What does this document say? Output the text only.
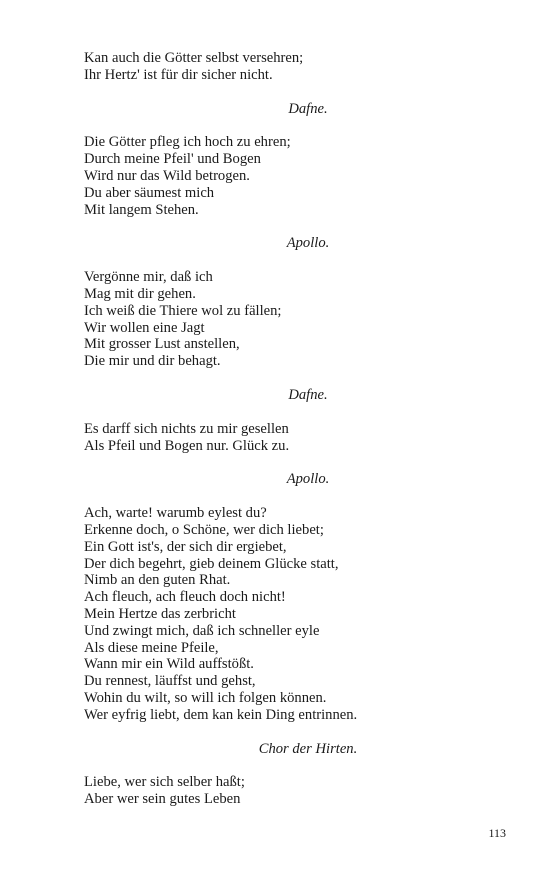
Kan auch die Götter selbst versehren;
Ihr Hertz' ist für dir sicher nicht.
Dafne.
Die Götter pfleg ich hoch zu ehren;
Durch meine Pfeil' und Bogen
Wird nur das Wild betrogen.
Du aber säumest mich
Mit langem Stehen.
Apollo.
Vergönne mir, daß ich
Mag mit dir gehen.
Ich weiß die Thiere wol zu fällen;
Wir wollen eine Jagt
Mit grosser Lust anstellen,
Die mir und dir behagt.
Dafne.
Es darff sich nichts zu mir gesellen
Als Pfeil und Bogen nur. Glück zu.
Apollo.
Ach, warte! warumb eylest du?
Erkenne doch, o Schöne, wer dich liebet;
Ein Gott ist's, der sich dir ergiebet,
Der dich begehrt, gieb deinem Glücke statt,
Nimb an den guten Rhat.
Ach fleuch, ach fleuch doch nicht!
Mein Hertze das zerbricht
Und zwingt mich, daß ich schneller eyle
Als diese meine Pfeile,
Wann mir ein Wild auffstößt.
Du rennest, läuffst und gehst,
Wohin du wilt, so will ich folgen können.
Wer eyfrig liebt, dem kan kein Ding entrinnen.
Chor der Hirten.
Liebe, wer sich selber haßt;
Aber wer sein gutes Leben
113
